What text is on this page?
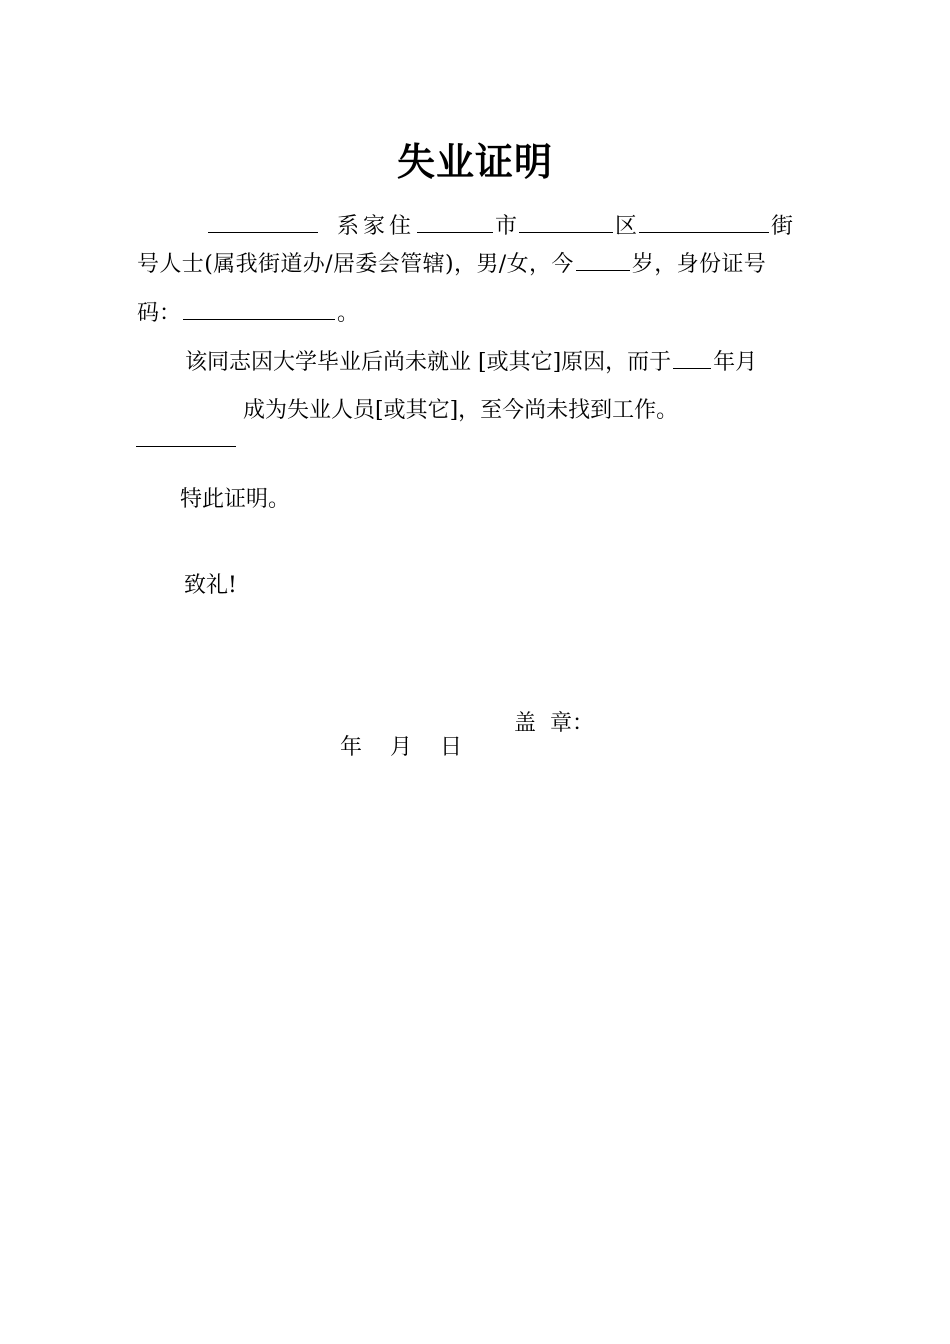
失业证明
系家住	市	区	街
号人士(属我街道办/居委会管辖)，男/女，今	岁，身份证号
码：	。
该同志因大学毕业后尚未就业 [或其它]原因，而于 年月
成为失业人员[或其它]，至今尚未找到工作。
特此证明。
致礼!
盖  章：
年    月    日
